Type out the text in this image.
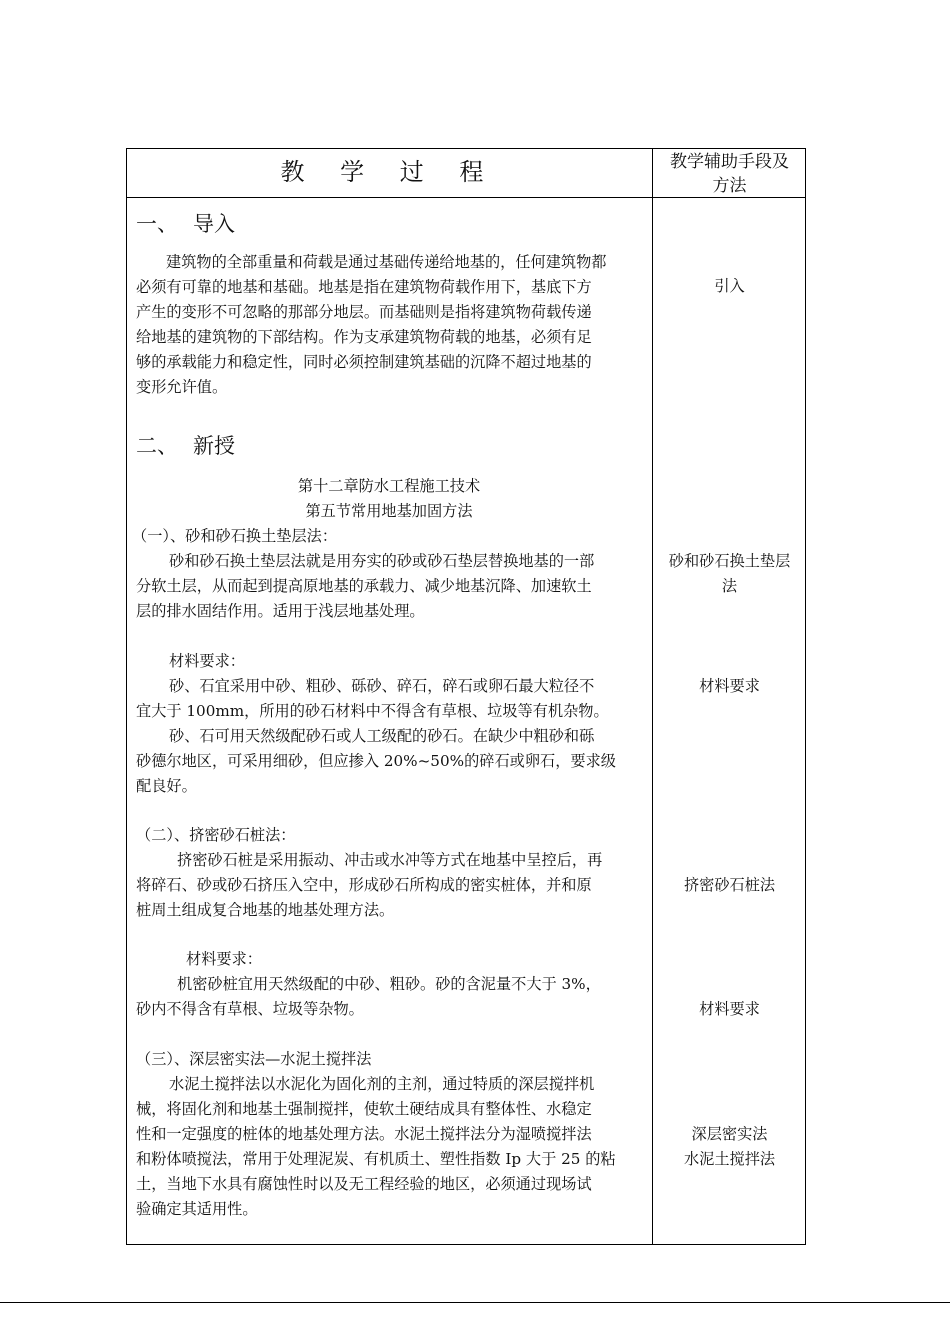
教 学 过 程	教学辅助手段及
方法
一、 导入
建筑物的全部重量和荷载是通过基础传递给地基的，任何建筑物都
必须有可靠的地基和基础。地基是指在建筑物荷载作用下，基底下方
产生的变形不可忽略的那部分地层。而基础则是指将建筑物荷载传递
给地基的建筑物的下部结构。作为支承建筑物荷载的地基，必须有足
够的承载能力和稳定性，同时必须控制建筑基础的沉降不超过地基的
变形允许值。
引入
二、 新授
第十二章防水工程施工技术
第五节常用地基加固方法
（一）、砂和砂石换土垫层法：
砂和砂石换土垫层法就是用夯实的砂或砂石垫层替换地基的一部
分软土层，从而起到提高原地基的承载力、减少地基沉降、加速软土
层的排水固结作用。适用于浅层地基处理。
砂和砂石换土垫层
法
材料要求：
砂、石宜采用中砂、粗砂、砾砂、碎石，碎石或卵石最大粒径不
宜大于 100mm，所用的砂石材料中不得含有草根、垃圾等有机杂物。
砂、石可用天然级配砂石或人工级配的砂石。在缺少中粗砂和砾
砂德尔地区，可采用细砂，但应掺入 20%~50%的碎石或卵石，要求级
配良好。
材料要求
（二）、挤密砂石桩法：
挤密砂石桩是采用振动、冲击或水冲等方式在地基中呈控后，再
将碎石、砂或砂石挤压入空中，形成砂石所构成的密实桩体，并和原
桩周土组成复合地基的地基处理方法。
挤密砂石桩法
材料要求：
机密砂桩宜用天然级配的中砂、粗砂。砂的含泥量不大于 3%，
砂内不得含有草根、垃圾等杂物。	材料要求
（三）、深层密实法—水泥土搅拌法
水泥土搅拌法以水泥化为固化剂的主剂，通过特质的深层搅拌机
械，将固化剂和地基土强制搅拌，使软土硬结成具有整体性、水稳定
性和一定强度的桩体的地基处理方法。水泥土搅拌法分为湿喷搅拌法
和粉体喷搅法，常用于处理泥炭、有机质土、塑性指数 Ip 大于 25 的粘
土，当地下水具有腐蚀性时以及无工程经验的地区，必须通过现场试
验确定其适用性。
深层密实法
水泥土搅拌法
